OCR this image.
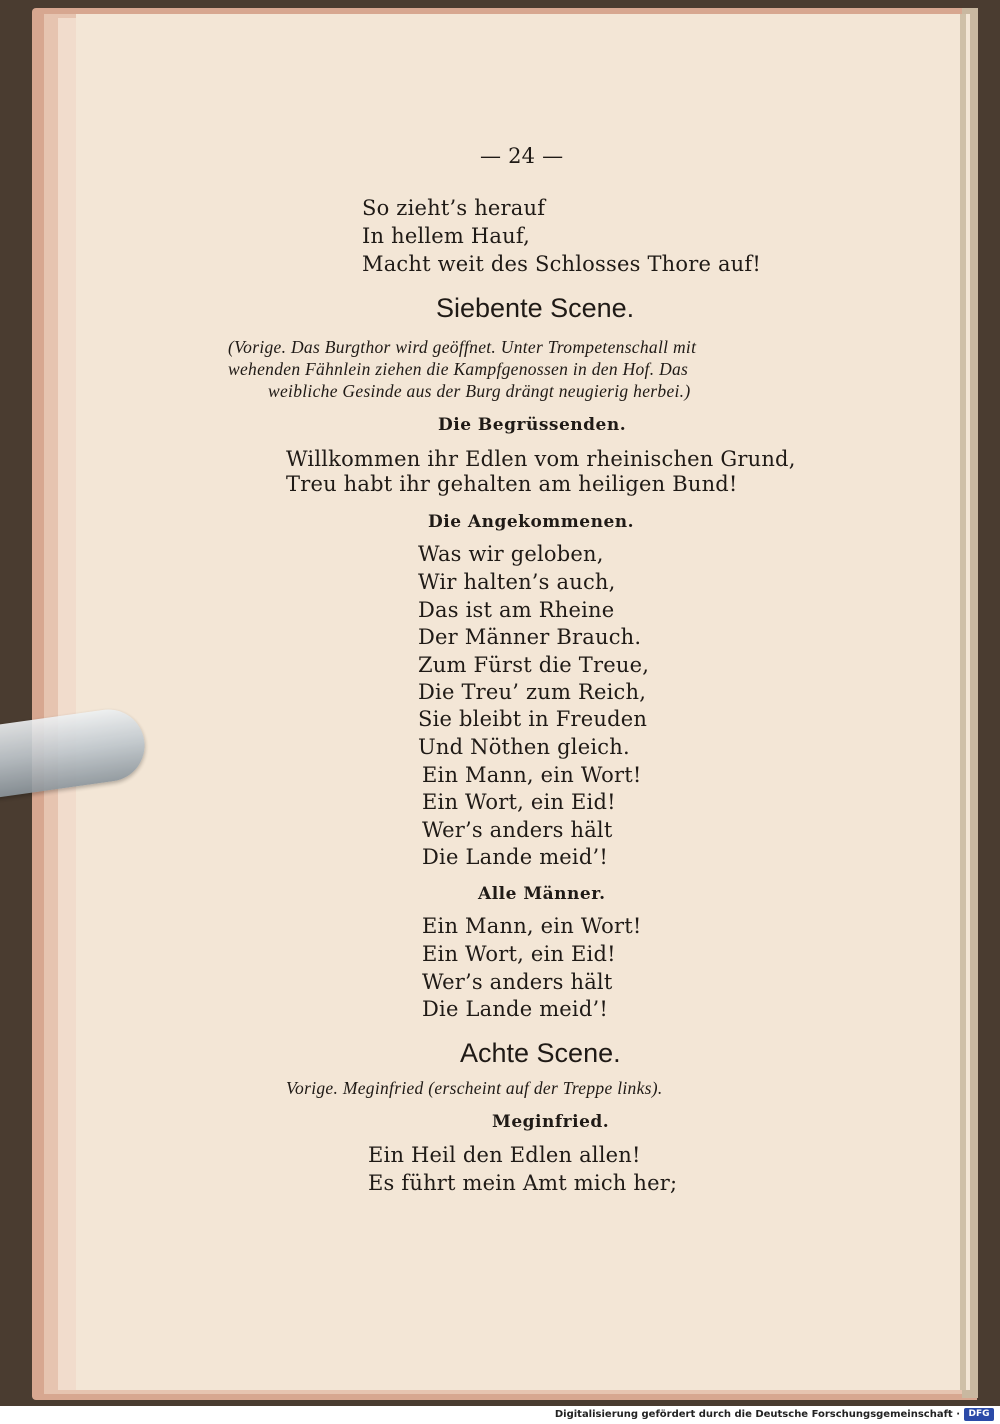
— 24 —

So zieht’s herauf

In hellem Hauf,

Macht weit des Schlosses Thore auf!

Siebente Scene.

(Vorige. Das Burgthor wird geöffnet. Unter Trompetenschall mit

wehenden Fähnlein ziehen die Kampfgenossen in den Hof. Das

weibliche Gesinde aus der Burg drängt neugierig herbei.)

Die Begrüssenden.

Willkommen ihr Edlen vom rheinischen Grund,

Treu habt ihr gehalten am heiligen Bund!

Die Angekommenen.

Was wir geloben,

Wir halten’s auch,

Das ist am Rheine

Der Männer Brauch.

Zum Fürst die Treue,

Die Treu’ zum Reich,

Sie bleibt in Freuden

Und Nöthen gleich.

Ein Mann, ein Wort!

Ein Wort, ein Eid!

Wer’s anders hält

Die Lande meid’!

Alle Männer.

Ein Mann, ein Wort!

Ein Wort, ein Eid!

Wer’s anders hält

Die Lande meid’!

Achte Scene.

Vorige. Meginfried (erscheint auf der Treppe links).

Meginfried.

Ein Heil den Edlen allen!

Es führt mein Amt mich her;

Digitalisierung gefördert durch die Deutsche Forschungsgemeinschaft · DFG
